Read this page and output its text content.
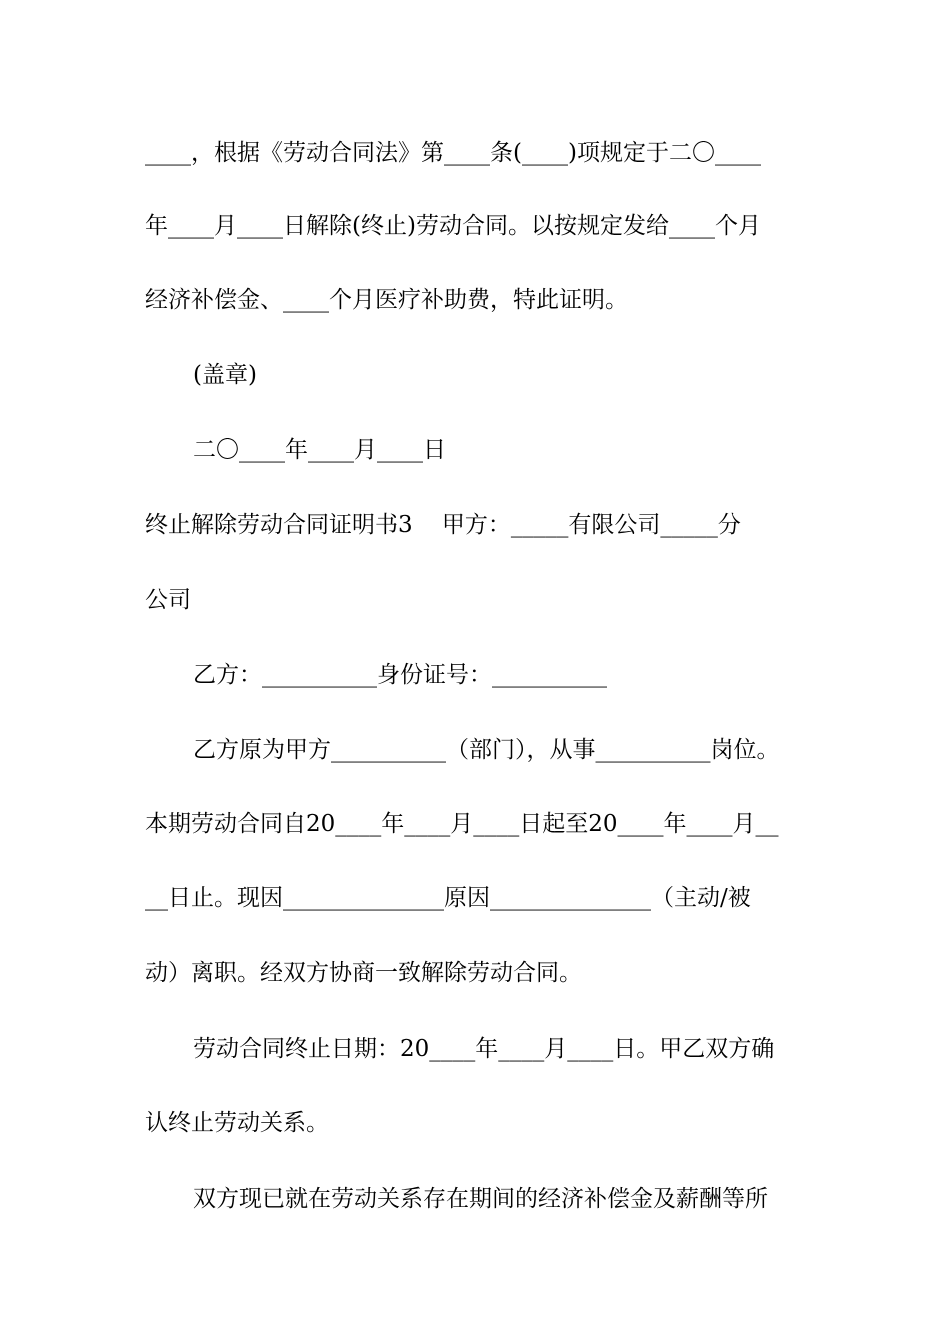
____，根据《劳动合同法》第____条(____)项规定于二〇____
年____月____日解除(终止)劳动合同。以按规定发给____个月
经济补偿金、____个月医疗补助费，特此证明。
(盖章)
二〇____年____月____日
终止解除劳动合同证明书3    甲方：_____有限公司_____分
公司
乙方：__________身份证号：__________
乙方原为甲方__________（部门），从事__________岗位。
本期劳动合同自20____年____月____日起至20____年____月__
__日止。现因______________原因______________（主动/被
动）离职。经双方协商一致解除劳动合同。
劳动合同终止日期：20____年____月____日。甲乙双方确
认终止劳动关系。
双方现已就在劳动关系存在期间的经济补偿金及薪酬等所
